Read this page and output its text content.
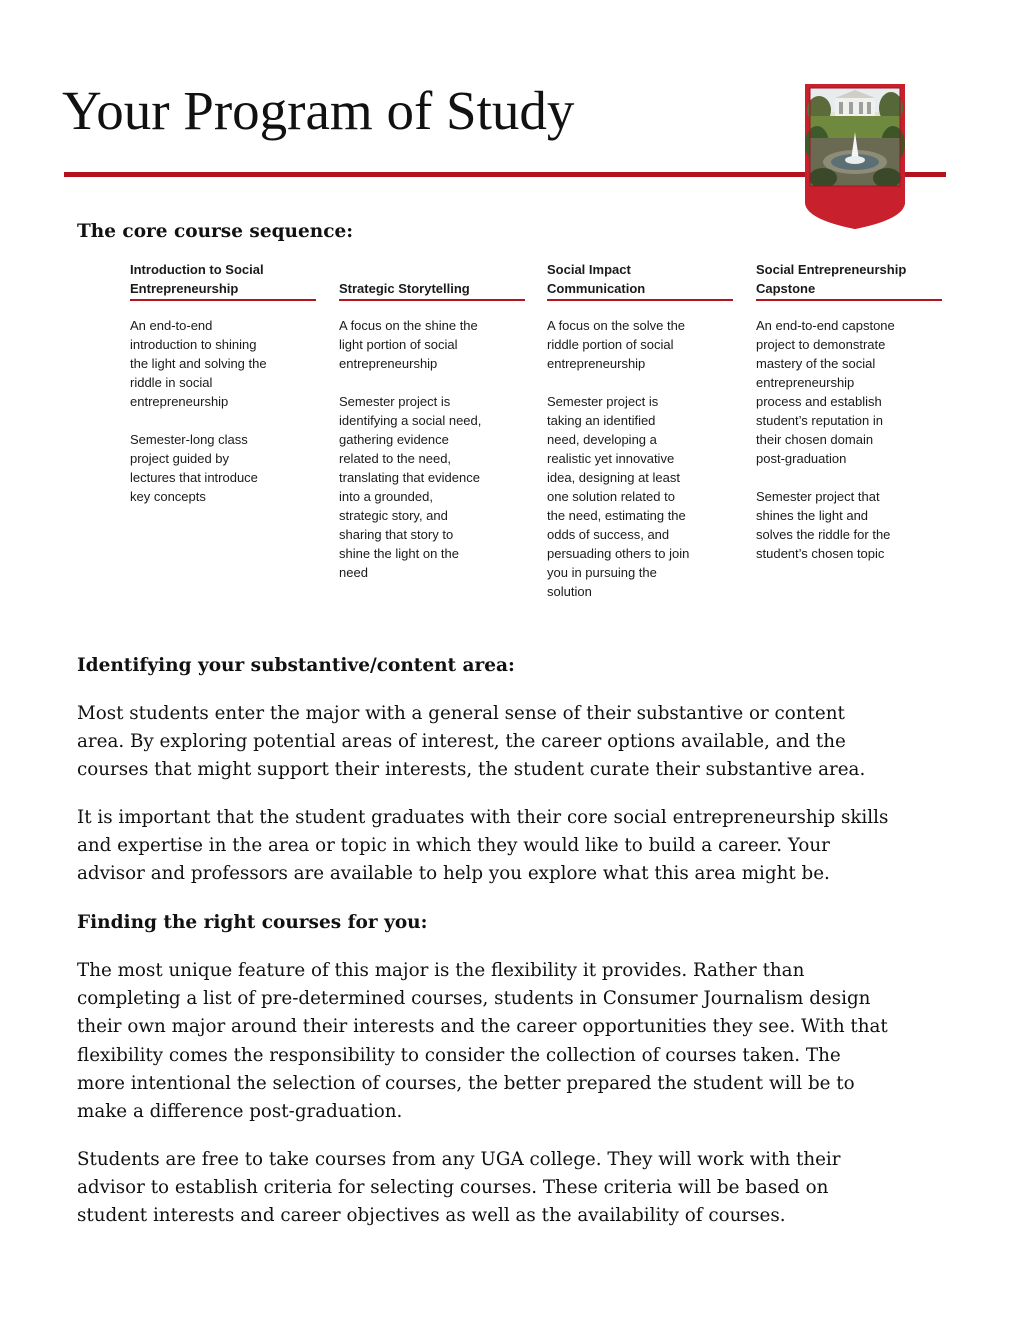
Your Program of Study
The core course sequence:
Introduction to Social
Entrepreneurship

An end-to-end
introduction to shining
the light and solving the
riddle in social
entrepreneurship

Semester-long class
project guided by
lectures that introduce
key concepts

Strategic Storytelling

A focus on the shine the
light portion of social
entrepreneurship

Semester project is
identifying a social need,
gathering evidence
related to the need,
translating that evidence
into a grounded,
strategic story, and
sharing that story to
shine the light on the
need

Social Impact
Communication

A focus on the solve the
riddle portion of social
entrepreneurship

Semester project is
taking an identified
need, developing a
realistic yet innovative
idea, designing at least
one solution related to
the need, estimating the
odds of success, and
persuading others to join
you in pursuing the
solution

Social Entrepreneurship
Capstone

An end-to-end capstone
project to demonstrate
mastery of the social
entrepreneurship
process and establish
student’s reputation in
their chosen domain
post-graduation

Semester project that
shines the light and
solves the riddle for the
student’s chosen topic

Identifying your substantive/content area:

Most students enter the major with a general sense of their substantive or content
area. By exploring potential areas of interest, the career options available, and the
courses that might support their interests, the student curate their substantive area.

It is important that the student graduates with their core social entrepreneurship skills
and expertise in the area or topic in which they would like to build a career. Your
advisor and professors are available to help you explore what this area might be.

Finding the right courses for you:

The most unique feature of this major is the flexibility it provides. Rather than
completing a list of pre-determined courses, students in Consumer Journalism design
their own major around their interests and the career opportunities they see. With that
flexibility comes the responsibility to consider the collection of courses taken. The
more intentional the selection of courses, the better prepared the student will be to
make a difference post-graduation.

Students are free to take courses from any UGA college. They will work with their
advisor to establish criteria for selecting courses. These criteria will be based on
student interests and career objectives as well as the availability of courses.
